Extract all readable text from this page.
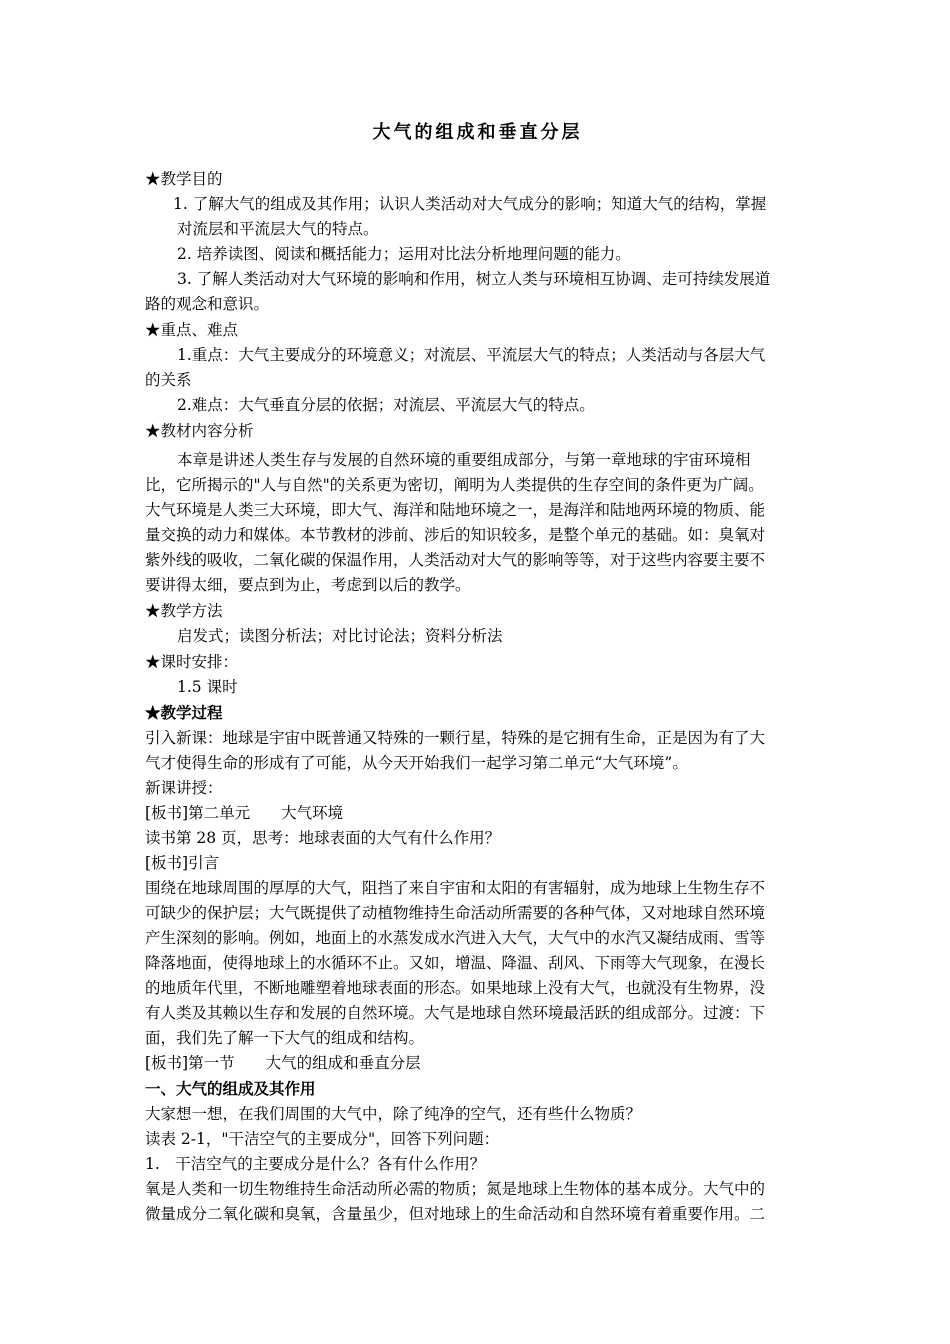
大气的组成和垂直分层

★教学目的

1. 了解大气的组成及其作用；认识人类活动对大气成分的影响；知道大气的结构，掌握

对流层和平流层大气的特点。

2. 培养读图、阅读和概括能力；运用对比法分析地理问题的能力。

3. 了解人类活动对大气环境的影响和作用，树立人类与环境相互协调、走可持续发展道

路的观念和意识。

★重点、难点

1.重点：大气主要成分的环境意义；对流层、平流层大气的特点；人类活动与各层大气

的关系

2.难点：大气垂直分层的依据；对流层、平流层大气的特点。

★教材内容分析

本章是讲述人类生存与发展的自然环境的重要组成部分，与第一章地球的宇宙环境相

比，它所揭示的"人与自然"的关系更为密切，阐明为人类提供的生存空间的条件更为广阔。

大气环境是人类三大环境，即大气、海洋和陆地环境之一，是海洋和陆地两环境的物质、能

量交换的动力和媒体。本节教材的涉前、涉后的知识较多，是整个单元的基础。如：臭氧对

紫外线的吸收，二氧化碳的保温作用，人类活动对大气的影响等等，对于这些内容要主要不

要讲得太细，要点到为止，考虑到以后的教学。

★教学方法

启发式；读图分析法；对比讨论法；资料分析法

★课时安排：

1.5 课时

★教学过程

引入新课：地球是宇宙中既普通又特殊的一颗行星，特殊的是它拥有生命，正是因为有了大

气才使得生命的形成有了可能，从今天开始我们一起学习第二单元“大气环境”。

新课讲授：

[板书]第二单元　　大气环境

读书第 28 页，思考：地球表面的大气有什么作用？

[板书]引言

围绕在地球周围的厚厚的大气，阻挡了来自宇宙和太阳的有害辐射，成为地球上生物生存不

可缺少的保护层；大气既提供了动植物维持生命活动所需要的各种气体，又对地球自然环境

产生深刻的影响。例如，地面上的水蒸发成水汽进入大气，大气中的水汽又凝结成雨、雪等

降落地面，使得地球上的水循环不止。又如，增温、降温、刮风、下雨等大气现象，在漫长

的地质年代里，不断地雕塑着地球表面的形态。如果地球上没有大气，也就没有生物界，没

有人类及其赖以生存和发展的自然环境。大气是地球自然环境最活跃的组成部分。过渡：下

面，我们先了解一下大气的组成和结构。

[板书]第一节　　大气的组成和垂直分层

一、大气的组成及其作用

大家想一想，在我们周围的大气中，除了纯净的空气，还有些什么物质？

读表 2-1，"干洁空气的主要成分"，回答下列问题：

1.　干洁空气的主要成分是什么？各有什么作用？

氧是人类和一切生物维持生命活动所必需的物质；氮是地球上生物体的基本成分。大气中的

微量成分二氧化碳和臭氧，含量虽少，但对地球上的生命活动和自然环境有着重要作用。二
